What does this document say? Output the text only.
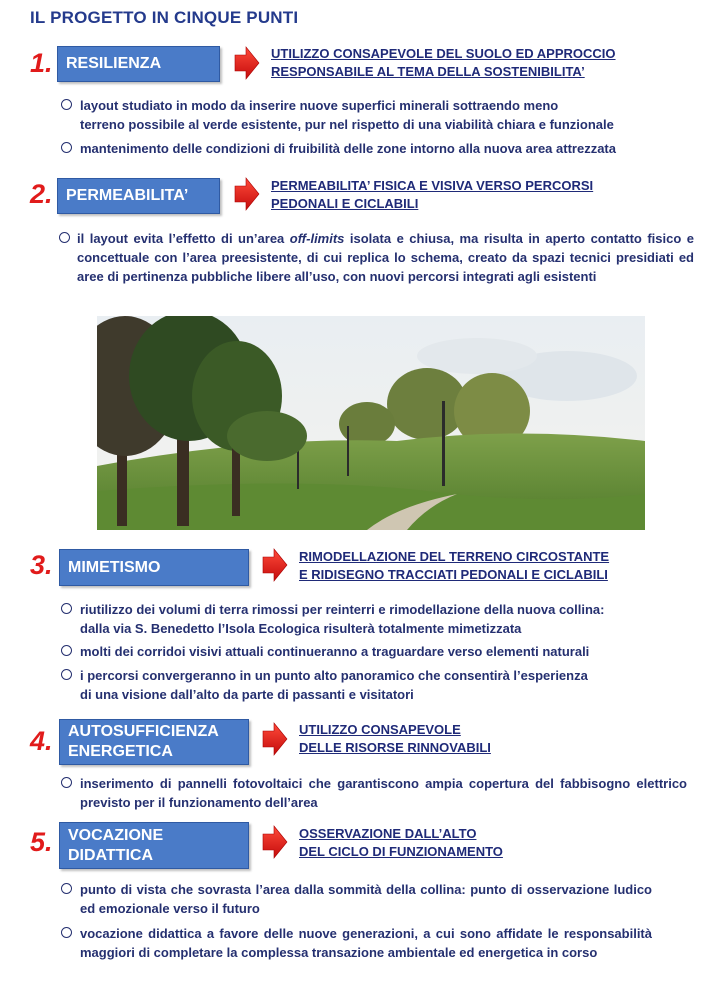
IL PROGETTO IN CINQUE PUNTI
1. RESILIENZA
UTILIZZO CONSAPEVOLE DEL SUOLO ED APPROCCIO
RESPONSABILE AL TEMA DELLA SOSTENIBILITA’
layout studiato in modo da inserire nuove superfici minerali sottraendo meno
terreno possibile al verde esistente, pur nel rispetto di una viabilità chiara e funzionale
mantenimento delle condizioni di fruibilità delle zone intorno alla nuova area attrezzata
2. PERMEABILITA’
PERMEABILITA’ FISICA E VISIVA VERSO PERCORSI
PEDONALI E CICLABILI
il layout evita l’effetto di un’area off-limits isolata e chiusa, ma risulta in aperto contatto fisico e concettuale con l’area preesistente, di cui replica lo schema, creato da spazi tecnici presidiati ed aree di pertinenza pubbliche libere all’uso, con nuovi percorsi integrati agli esistenti
3. MIMETISMO
RIMODELLAZIONE DEL TERRENO CIRCOSTANTE
E RIDISEGNO TRACCIATI PEDONALI E CICLABILI
riutilizzo dei volumi di terra rimossi per reinterri e rimodellazione della nuova collina:
dalla via S. Benedetto l’Isola Ecologica risulterà totalmente mimetizzata
molti dei corridoi visivi attuali continueranno a traguardare verso elementi naturali
i percorsi convergeranno in un punto alto panoramico che consentirà l’esperienza
di una visione dall’alto da parte di passanti e visitatori
4. AUTOSUFFICIENZA
ENERGETICA
UTILIZZO CONSAPEVOLE
DELLE RISORSE RINNOVABILI
inserimento di pannelli fotovoltaici che garantiscono ampia copertura del fabbisogno elettrico previsto per il funzionamento dell’area
5. VOCAZIONE
DIDATTICA
OSSERVAZIONE DALL’ALTO
DEL CICLO DI FUNZIONAMENTO
punto di vista che sovrasta l’area dalla sommità della collina: punto di osservazione ludico ed emozionale verso il futuro
vocazione didattica a favore delle nuove generazioni, a cui sono affidate le responsabilità maggiori di completare la complessa transazione ambientale ed energetica in corso
